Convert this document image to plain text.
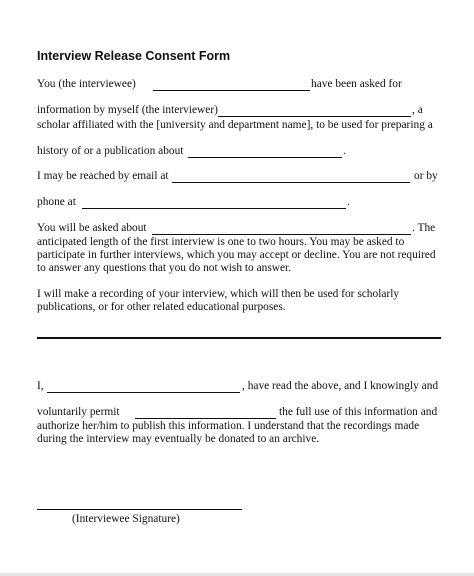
Interview Release Consent Form
You (the interviewee)	have been asked for
information by myself (the interviewer)	, a
scholar affiliated with the [university and department name], to be used for preparing a
history of or a publication about	.
I may be reached by email at	or by
phone at	.
You will be asked about	. The
anticipated length of the first interview is one to two hours. You may be asked to
participate in further interviews, which you may accept or decline. You are not required
to answer any questions that you do not wish to answer.
I will make a recording of your interview, which will then be used for scholarly
publications, or for other related educational purposes.
I,	, have read the above, and I knowingly and
voluntarily permit	the full use of this information and
authorize her/him to publish this information. I understand that the recordings made
during the interview may eventually be donated to an archive.
(Interviewee Signature)
